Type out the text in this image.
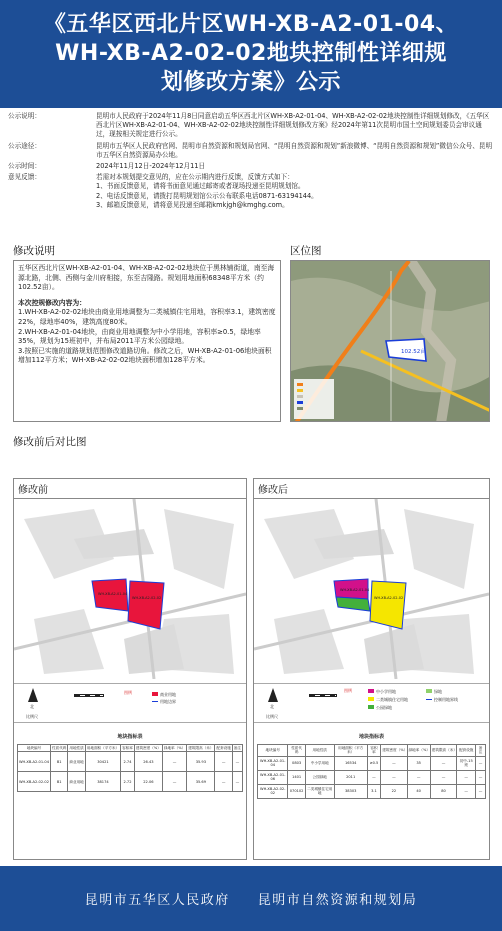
《五华区西北片区WH-XB-A2-01-04、
WH-XB-A2-02-02地块控制性详细规
划修改方案》公示
公示说明：	昆明市人民政府于2024年11月8日同意启动五华区西北片区WH-XB-A2-01-04、WH-XB-A2-02-02地块控制性详细规划修改，《五华区西北片区WH-XB-A2-01-04、WH-XB-A2-02-02地块控制性详细规划修改方案》经2024年第11次昆明市国土空间规划委员会审议通过，现按相关规定进行公示。
公示途径：	昆明市五华区人民政府官网、昆明市自然资源和规划局官网、“昆明自然资源和规划”新浪微博、“昆明自然资源和规划”微信公众号、昆明市五华区自然资源局办公地。
公示时间：	2024年11月12日-2024年12月11日
意见反馈：	若需对本规划提交意见的，应在公示期内进行反馈，反馈方式如下：
1、书面反馈意见，请将书面意见通过邮寄或者现场投递至昆明规划馆。
2、电话反馈意见，请拨打昆明规划馆公示公布联系电话0871-63194144。
3、邮箱反馈意见，请将意见投递至邮箱kmkjgh@kmghg.com。
修改说明	区位图

五华区西北片区WH-XB-A2-01-04、WH-XB-A2-02-02地块位于黑林铺街道，南至海源北路，北侧、西侧与金川府相接，东至吉隆路。规划用地面积68348平方米（约102.52亩）。

本次控规修改内容为：
1.WH-XB-A2-02-02地块由商业用地调整为二类城镇住宅用地，容积率3.1，建筑密度22%，绿地率40%，建筑高度80米。
2.WH-XB-A2-01-04地块，由商业用地调整为中小学用地，容积率≥0.5，绿地率35%，规划为15班初中，并布局2011平方米公园绿地。
3.按照已实施的道路规划范围修改道路切角。修改之后，WH-XB-A2-01-06地块面积增加112平方米；WH-XB-A2-02-02地块面积增加128平方米。
102.52亩
修改前后对比图
修改前
WH-XB-A2-01-04
WH-XB-A2-02-02
北
比例尺
图例	商业用地
用地边界
地块指标表
地块编号	性质代码	用地性质	用地面积（平方米）	容积率	建筑密度（%）	绿地率（%）	建筑限高（米）	配套设施	备注
WH-XB-A2-01-04	B1	商业用地	30421	2.74	26.43	—	35.93	—	—
WH-XB-A2-02-02	B1	商业用地	38174	2.72	22.06	—	35.69	—	—
修改后
WH-XB-A2-01-04
WH-XB-A2-02-02
北
比例尺
图例	中小学用地
二类城镇住宅用地
公园绿地
绿地
控制用地界线
地块指标表
地块编号	性质代码	用地性质	用地面积（平方米）	容积率	建筑密度（%）	绿地率（%）	建筑限高（米）	配套设施	备注
WH-XB-A2-01-04	0803	中小学用地	16534	≥0.5	—	35	—	初中-15班	—
WH-XB-A2-01-06	1401	公园绿地	2011	—	—	—	—	—	—
WH-XB-A2-02-02	070102	二类城镇住宅用地	38303	3.1	22	40	80	—	—
昆明市五华区人民政府 昆明市自然资源和规划局
